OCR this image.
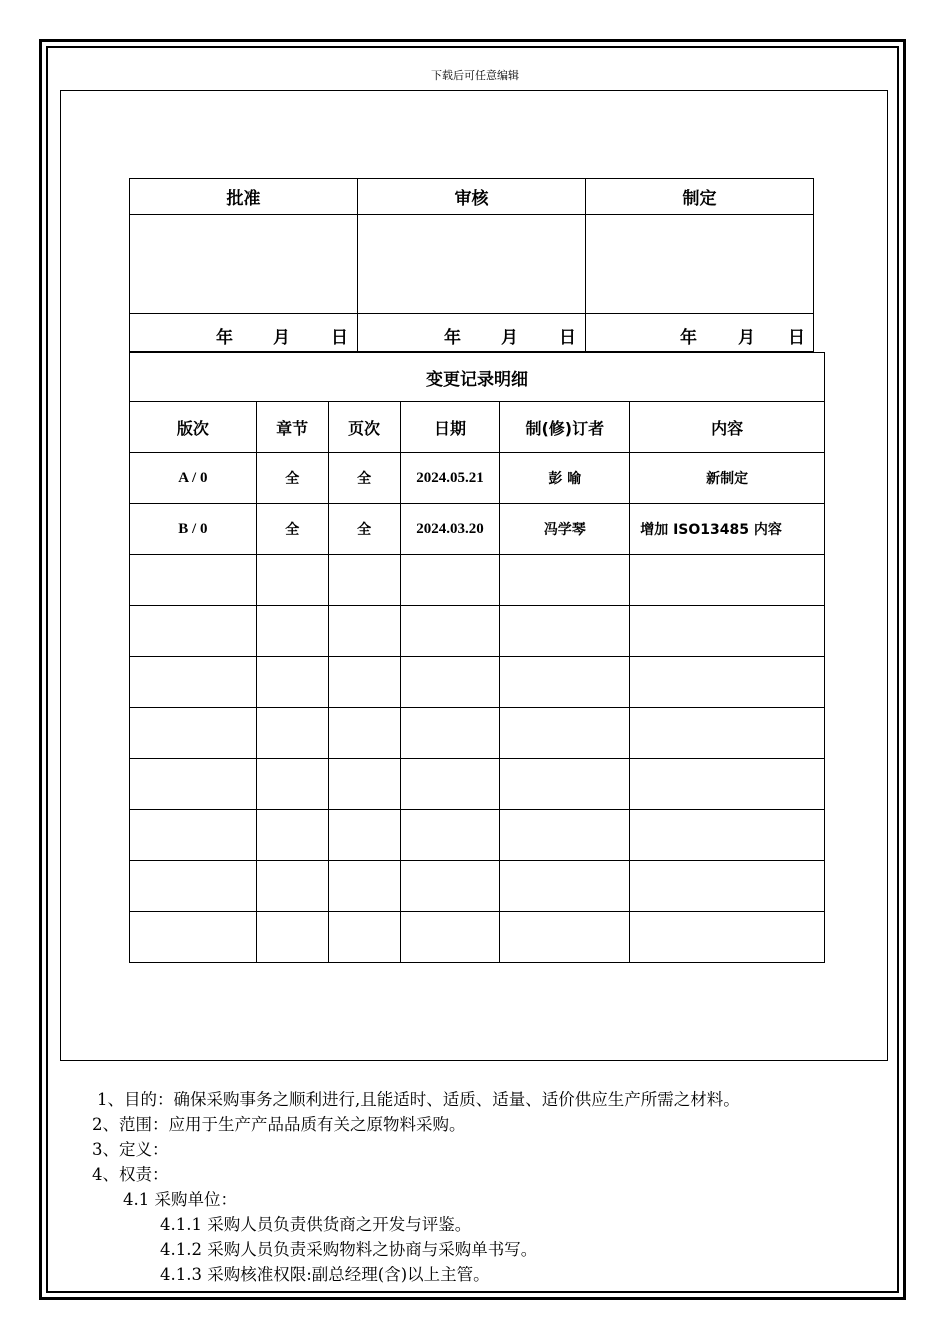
下载后可任意编辑
批准	审核	制定

年 月 日	年 月 日	年 月 日
变更记录明细					
版次	章节	页次	日期	制(修)订者	内容
A / 0	全	全	2024.05.21	彭 喻	新制定
B / 0	全	全	2024.03.20	冯学琴	增加 ISO13485 内容

1、目的：确保采购事务之顺利进行,且能适时、适质、适量、适价供应生产所需之材料。
2、范围：应用于生产产品品质有关之原物料采购。
3、定义：
4、权责：
4.1 采购单位：
4.1.1 采购人员负责供货商之开发与评鉴。
4.1.2 采购人员负责采购物料之协商与采购单书写。
4.1.3 采购核准权限:副总经理(含)以上主管。
